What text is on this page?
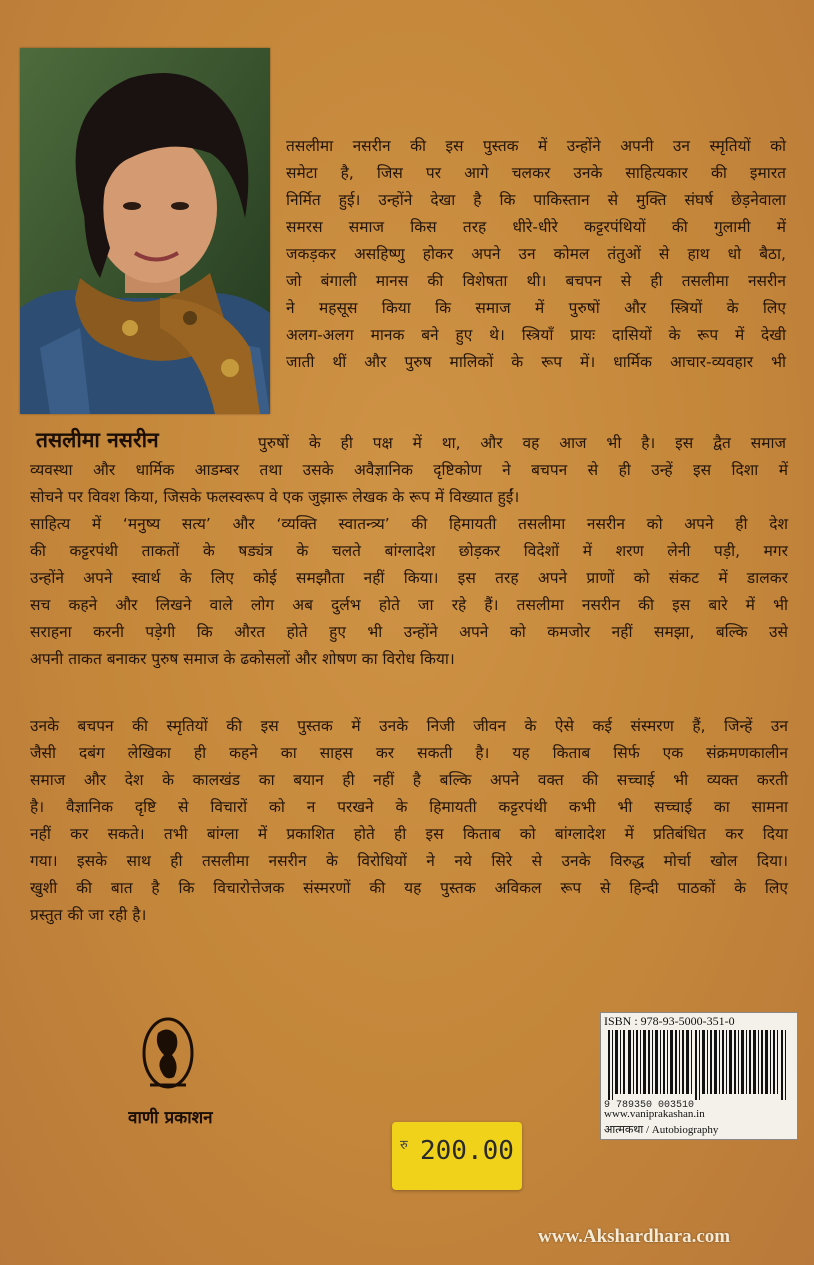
तसलीमा नसरीन
तसलीमा नसरीन की इस पुस्तक में उन्होंने अपनी उन स्मृतियों को
समेटा है, जिस पर आगे चलकर उनके साहित्यकार की इमारत
निर्मित हुई। उन्होंने देखा है कि पाकिस्तान से मुक्ति संघर्ष छेड़नेवाला
समरस समाज किस तरह धीरे-धीरे कट्टरपंथियों की गुलामी में
जकड़कर असहिष्णु होकर अपने उन कोमल तंतुओं से हाथ धो बैठा,
जो बंगाली मानस की विशेषता थी। बचपन से ही तसलीमा नसरीन
ने महसूस किया कि समाज में पुरुषों और स्त्रियों के लिए
अलग-अलग मानक बने हुए थे। स्त्रियाँ प्रायः दासियों के रूप में देखी
जाती थीं और पुरुष मालिकों के रूप में। धार्मिक आचार-व्यवहार भी
पुरुषों के ही पक्ष में था, और वह आज भी है। इस द्वैत समाज
व्यवस्था और धार्मिक आडम्बर तथा उसके अवैज्ञानिक दृष्टिकोण ने बचपन से ही उन्हें इस दिशा में
सोचने पर विवश किया, जिसके फलस्वरूप वे एक जुझारू लेखक के रूप में विख्यात हुईं।
साहित्य में ‘मनुष्य सत्य’ और ‘व्यक्ति स्वातन्त्र्य’ की हिमायती तसलीमा नसरीन को अपने ही देश
की कट्टरपंथी ताकतों के षड्यंत्र के चलते बांग्लादेश छोड़कर विदेशों में शरण लेनी पड़ी, मगर
उन्होंने अपने स्वार्थ के लिए कोई समझौता नहीं किया। इस तरह अपने प्राणों को संकट में डालकर
सच कहने और लिखने वाले लोग अब दुर्लभ होते जा रहे हैं। तसलीमा नसरीन की इस बारे में भी
सराहना करनी पड़ेगी कि औरत होते हुए भी उन्होंने अपने को कमजोर नहीं समझा, बल्कि उसे
अपनी ताकत बनाकर पुरुष समाज के ढकोसलों और शोषण का विरोध किया।
उनके बचपन की स्मृतियों की इस पुस्तक में उनके निजी जीवन के ऐसे कई संस्मरण हैं, जिन्हें उन
जैसी दबंग लेखिका ही कहने का साहस कर सकती है। यह किताब सिर्फ एक संक्रमणकालीन
समाज और देश के कालखंड का बयान ही नहीं है बल्कि अपने वक्त की सच्चाई भी व्यक्त करती
है। वैज्ञानिक दृष्टि से विचारों को न परखने के हिमायती कट्टरपंथी कभी भी सच्चाई का सामना
नहीं कर सकते। तभी बांग्ला में प्रकाशित होते ही इस किताब को बांग्लादेश में प्रतिबंधित कर दिया
गया। इसके साथ ही तसलीमा नसरीन के विरोधियों ने नये सिरे से उनके विरुद्ध मोर्चा खोल दिया।
खुशी की बात है कि विचारोत्तेजक संस्मरणों की यह पुस्तक अविकल रूप से हिन्दी पाठकों के लिए
प्रस्तुत की जा रही है।
वाणी प्रकाशन
ISBN : 978-93-5000-351-0
9 789350 003510
www.vaniprakashan.in
आत्मकथा / Autobiography
रु 200.00
www.Akshardhara.com
